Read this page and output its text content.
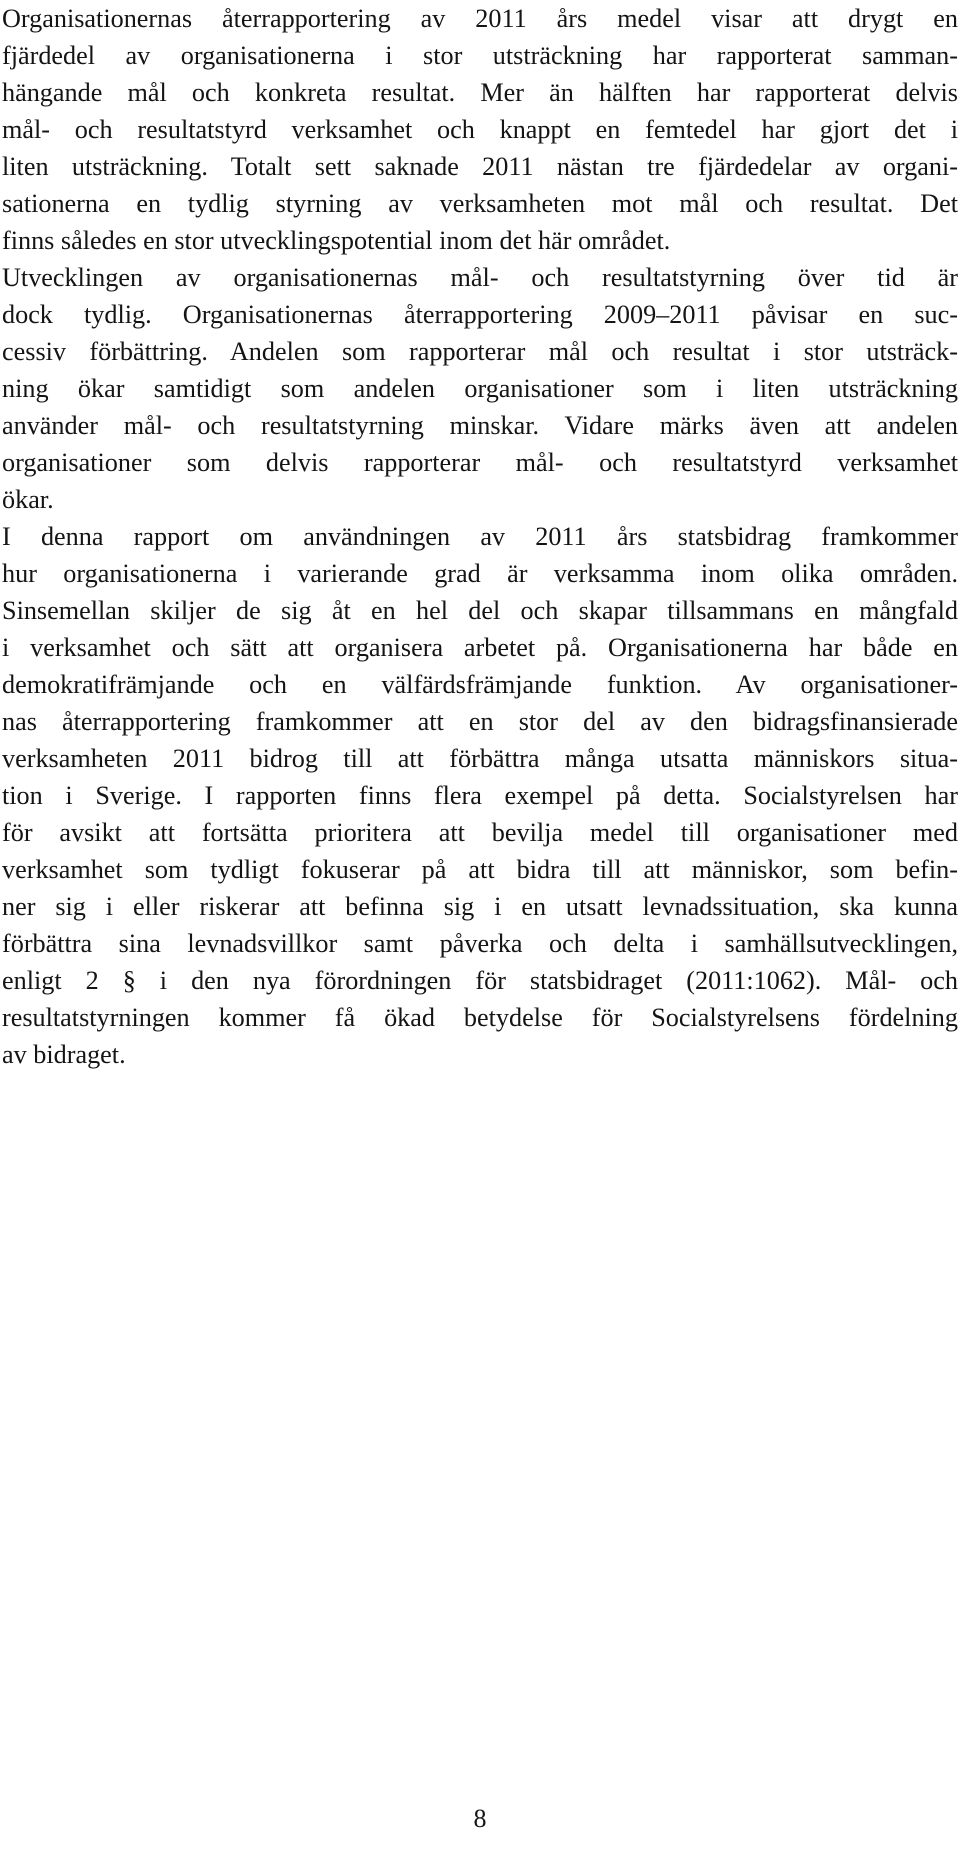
Organisationernas återrapportering av 2011 års medel visar att drygt en
fjärdedel av organisationerna i stor utsträckning har rapporterat samman-
hängande mål och konkreta resultat. Mer än hälften har rapporterat delvis
mål- och resultatstyrd verksamhet och knappt en femtedel har gjort det i
liten utsträckning. Totalt sett saknade 2011 nästan tre fjärdedelar av organi-
sationerna en tydlig styrning av verksamheten mot mål och resultat. Det
finns således en stor utvecklingspotential inom det här området.
Utvecklingen av organisationernas mål- och resultatstyrning över tid är
dock tydlig. Organisationernas återrapportering 2009–2011 påvisar en suc-
cessiv förbättring. Andelen som rapporterar mål och resultat i stor utsträck-
ning ökar samtidigt som andelen organisationer som i liten utsträckning
använder mål- och resultatstyrning minskar. Vidare märks även att andelen
organisationer som delvis rapporterar mål- och resultatstyrd verksamhet
ökar.
I denna rapport om användningen av 2011 års statsbidrag framkommer
hur organisationerna i varierande grad är verksamma inom olika områden.
Sinsemellan skiljer de sig åt en hel del och skapar tillsammans en mångfald
i verksamhet och sätt att organisera arbetet på. Organisationerna har både en
demokratifrämjande och en välfärdsfrämjande funktion. Av organisationer-
nas återrapportering framkommer att en stor del av den bidragsfinansierade
verksamheten 2011 bidrog till att förbättra många utsatta människors situa-
tion i Sverige. I rapporten finns flera exempel på detta. Socialstyrelsen har
för avsikt att fortsätta prioritera att bevilja medel till organisationer med
verksamhet som tydligt fokuserar på att bidra till att människor, som befin-
ner sig i eller riskerar att befinna sig i en utsatt levnadssituation, ska kunna
förbättra sina levnadsvillkor samt påverka och delta i samhällsutvecklingen,
enligt 2 § i den nya förordningen för statsbidraget (2011:1062). Mål- och
resultatstyrningen kommer få ökad betydelse för Socialstyrelsens fördelning
av bidraget.
8
